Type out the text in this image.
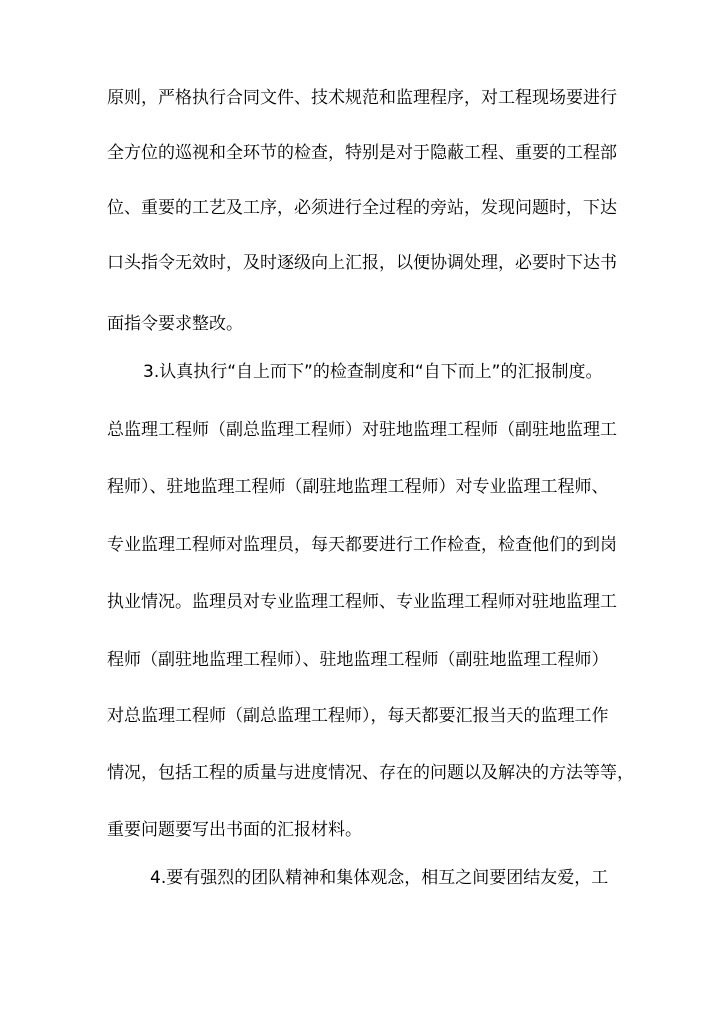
原则，严格执行合同文件、技术规范和监理程序，对工程现场要进行
全方位的巡视和全环节的检查，特别是对于隐蔽工程、重要的工程部
位、重要的工艺及工序，必须进行全过程的旁站，发现问题时，下达
口头指令无效时，及时逐级向上汇报，以便协调处理，必要时下达书
面指令要求整改。
3.认真执行“自上而下”的检查制度和“自下而上”的汇报制度。
总监理工程师（副总监理工程师）对驻地监理工程师（副驻地监理工
程师）、驻地监理工程师（副驻地监理工程师）对专业监理工程师、
专业监理工程师对监理员，每天都要进行工作检查，检查他们的到岗
执业情况。监理员对专业监理工程师、专业监理工程师对驻地监理工
程师（副驻地监理工程师）、驻地监理工程师（副驻地监理工程师）
对总监理工程师（副总监理工程师），每天都要汇报当天的监理工作
情况，包括工程的质量与进度情况、存在的问题以及解决的方法等等，
重要问题要写出书面的汇报材料。
4.要有强烈的团队精神和集体观念，相互之间要团结友爱，工
